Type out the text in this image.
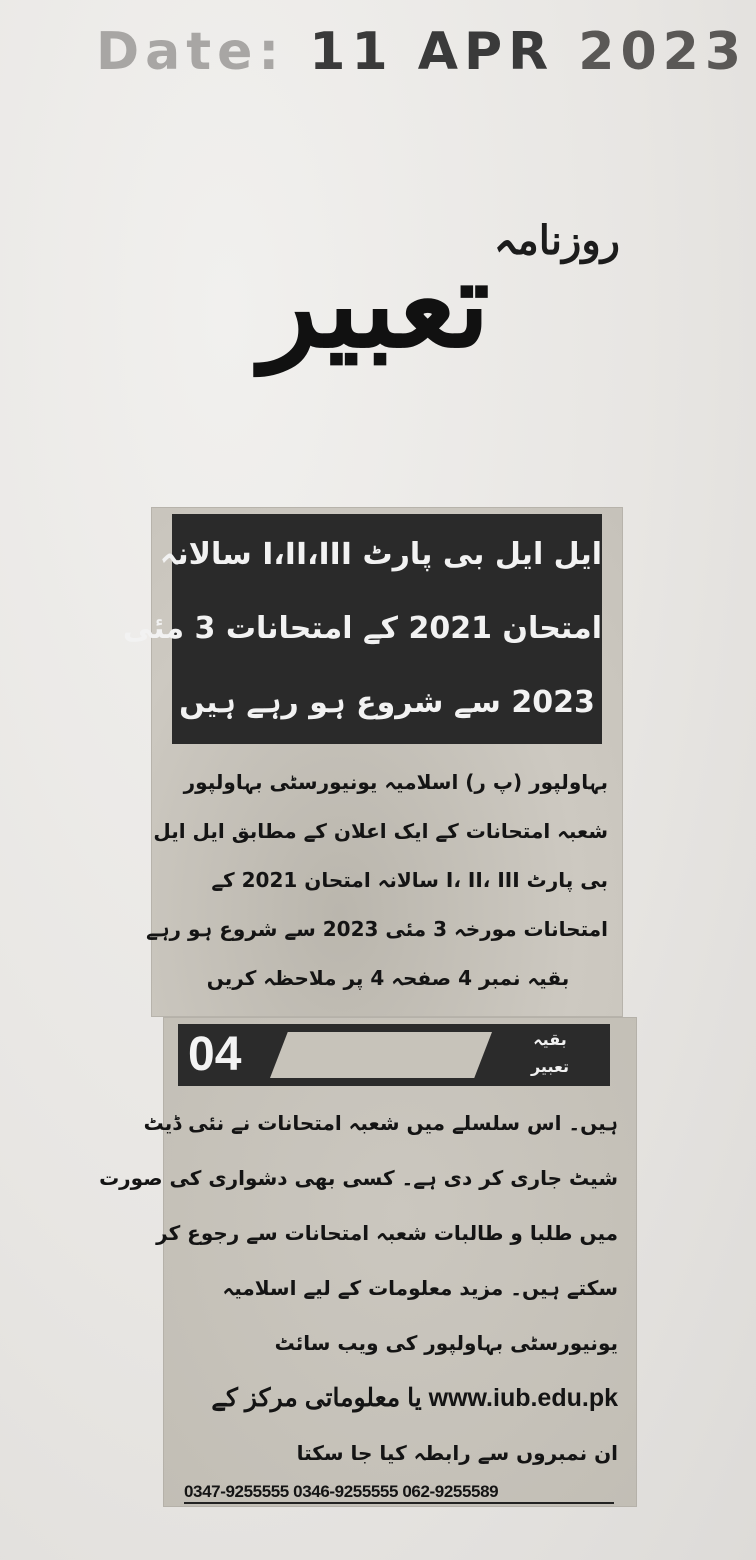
Date: 11 APR 2023
روزنامہ
تعبیر
ایل ایل بی پارٹ I،II،III سالانہ
امتحان 2021 کے امتحانات 3 مئی
2023 سے شروع ہو رہے ہیں
بہاولپور (پ ر) اسلامیہ یونیورسٹی بہاولپور
شعبہ امتحانات کے ایک اعلان کے مطابق ایل ایل
بی پارٹ I، II، III سالانہ امتحان 2021 کے
امتحانات مورخہ 3 مئی 2023 سے شروع ہو رہے
بقیہ نمبر 4 صفحہ 4 پر ملاحظہ کریں
04	بقیہ
تعبیر
ہیں۔ اس سلسلے میں شعبہ امتحانات نے نئی ڈیٹ
شیٹ جاری کر دی ہے۔ کسی بھی دشواری کی صورت
میں طلبا و طالبات شعبہ امتحانات سے رجوع کر
سکتے ہیں۔ مزید معلومات کے لیے اسلامیہ
یونیورسٹی بہاولپور کی ویب سائٹ
www.iub.edu.pk یا معلوماتی مرکز کے
ان نمبروں سے رابطہ کیا جا سکتا
0347-9255555 0346-9255555 062-9255589
